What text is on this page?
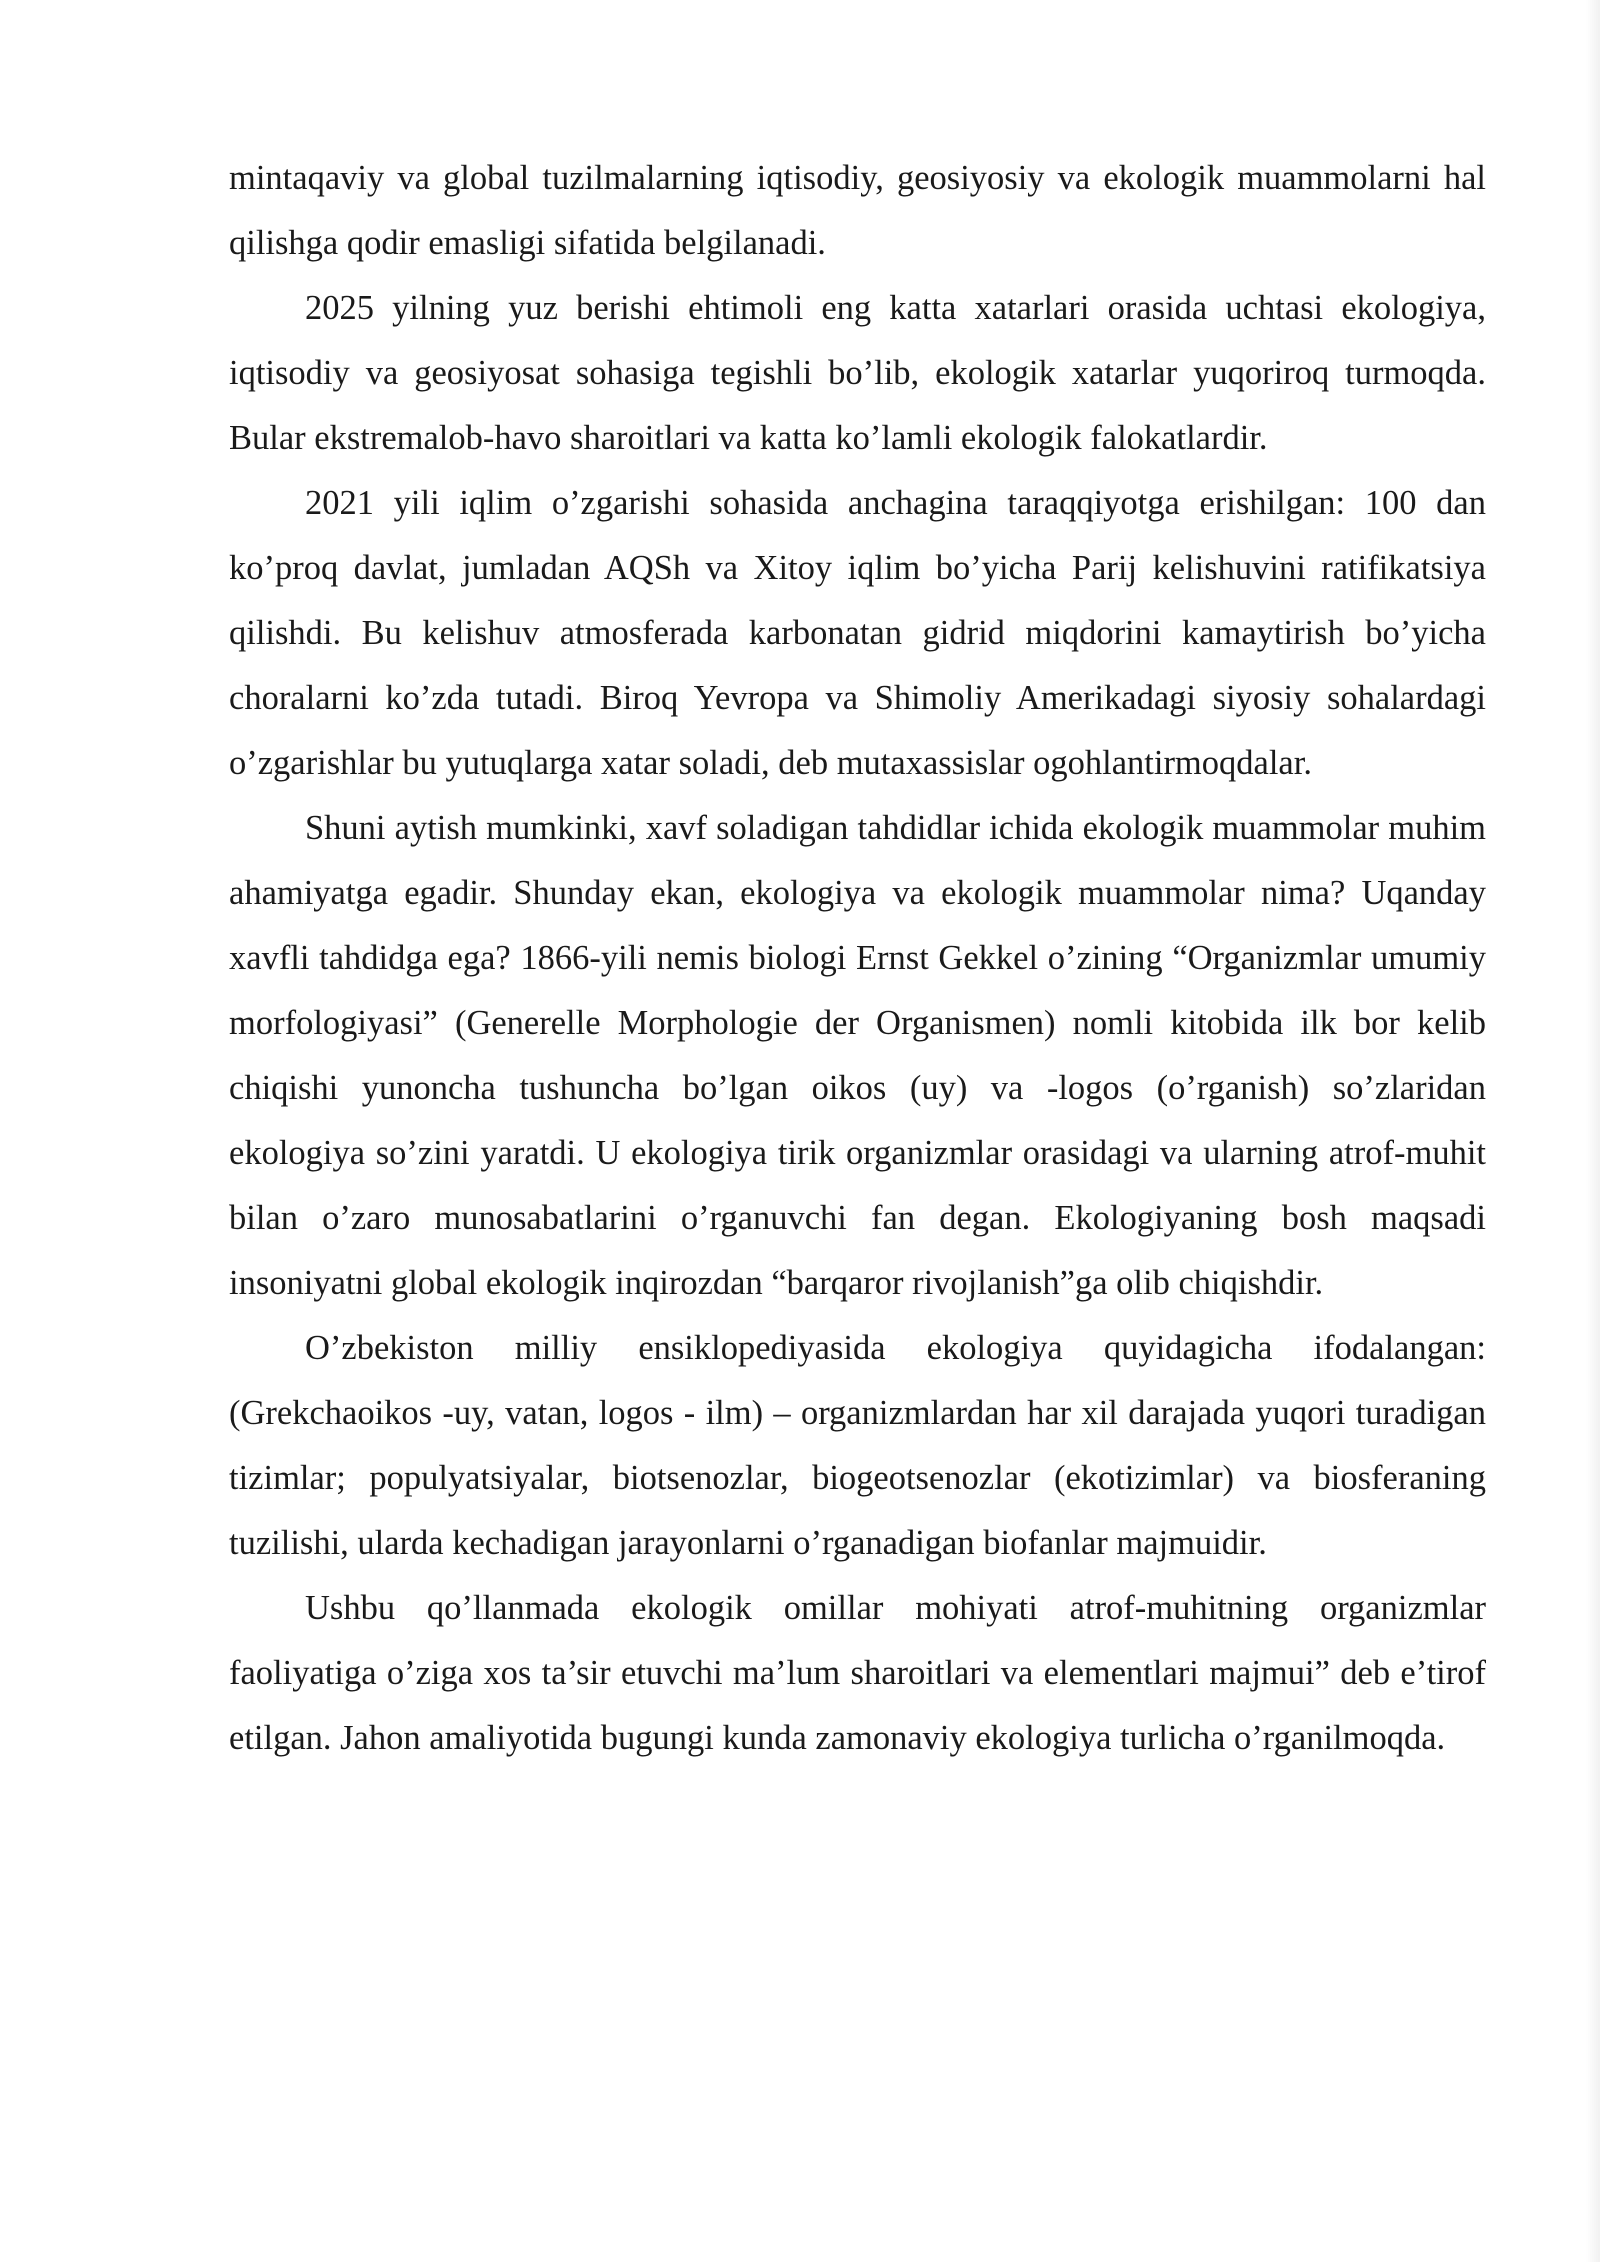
mintaqaviy va global tuzilmalarning iqtisodiy, geosiyosiy va ekologik muammolarni hal qilishga qodir emasligi sifatida belgilanadi.

2025 yilning yuz berishi ehtimoli eng katta xatarlari orasida uchtasi ekologiya, iqtisodiy va geosiyosat sohasiga tegishli bo’lib, ekologik xatarlar yuqoriroq turmoqda. Bular ekstremalob-havo sharoitlari va katta ko’lamli ekologik falokatlardir.

2021 yili iqlim o’zgarishi sohasida anchagina taraqqiyotga erishilgan: 100 dan ko’proq davlat, jumladan AQSh va Xitoy iqlim bo’yicha Parij kelishuvini ratifikatsiya qilishdi. Bu kelishuv atmosferada karbonatan gidrid miqdorini kamaytirish bo’yicha choralarni ko’zda tutadi. Biroq Yevropa va Shimoliy Amerikadagi siyosiy sohalardagi o’zgarishlar bu yutuqlarga xatar soladi, deb mutaxassislar ogohlantirmoqdalar.

Shuni aytish mumkinki, xavf soladigan tahdidlar ichida ekologik muammolar muhim ahamiyatga egadir. Shunday ekan, ekologiya va ekologik muammolar nima? Uqanday xavfli tahdidga ega? 1866-yili nemis biologi Ernst Gekkel o’zining “Organizmlar umumiy morfologiyasi” (Generelle Morphologie der Organismen) nomli kitobida ilk bor kelib chiqishi yunoncha tushuncha bo’lgan oikos (uy) va -logos (o’rganish) so’zlaridan ekologiya so’zini yaratdi. U ekologiya tirik organizmlar orasidagi va ularning atrof-muhit bilan o’zaro munosabatlarini o’rganuvchi fan degan. Ekologiyaning bosh maqsadi insoniyatni global ekologik inqirozdan “barqaror rivojlanish”ga olib chiqishdir.

O’zbekiston milliy ensiklopediyasida ekologiya quyidagicha ifodalangan: (Grekchaoikos -uy, vatan, logos - ilm) – organizmlardan har xil darajada yuqori turadigan tizimlar; populyatsiyalar, biotsenozlar, biogeotsenozlar (ekotizimlar) va biosferaning tuzilishi, ularda kechadigan jarayonlarni o’rganadigan biofanlar majmuidir.

Ushbu qo’llanmada ekologik omillar mohiyati atrof-muhitning organizmlar faoliyatiga o’ziga xos ta’sir etuvchi ma’lum sharoitlari va elementlari majmui” deb e’tirof etilgan. Jahon amaliyotida bugungi kunda zamonaviy ekologiya turlicha o’rganilmoqda.
